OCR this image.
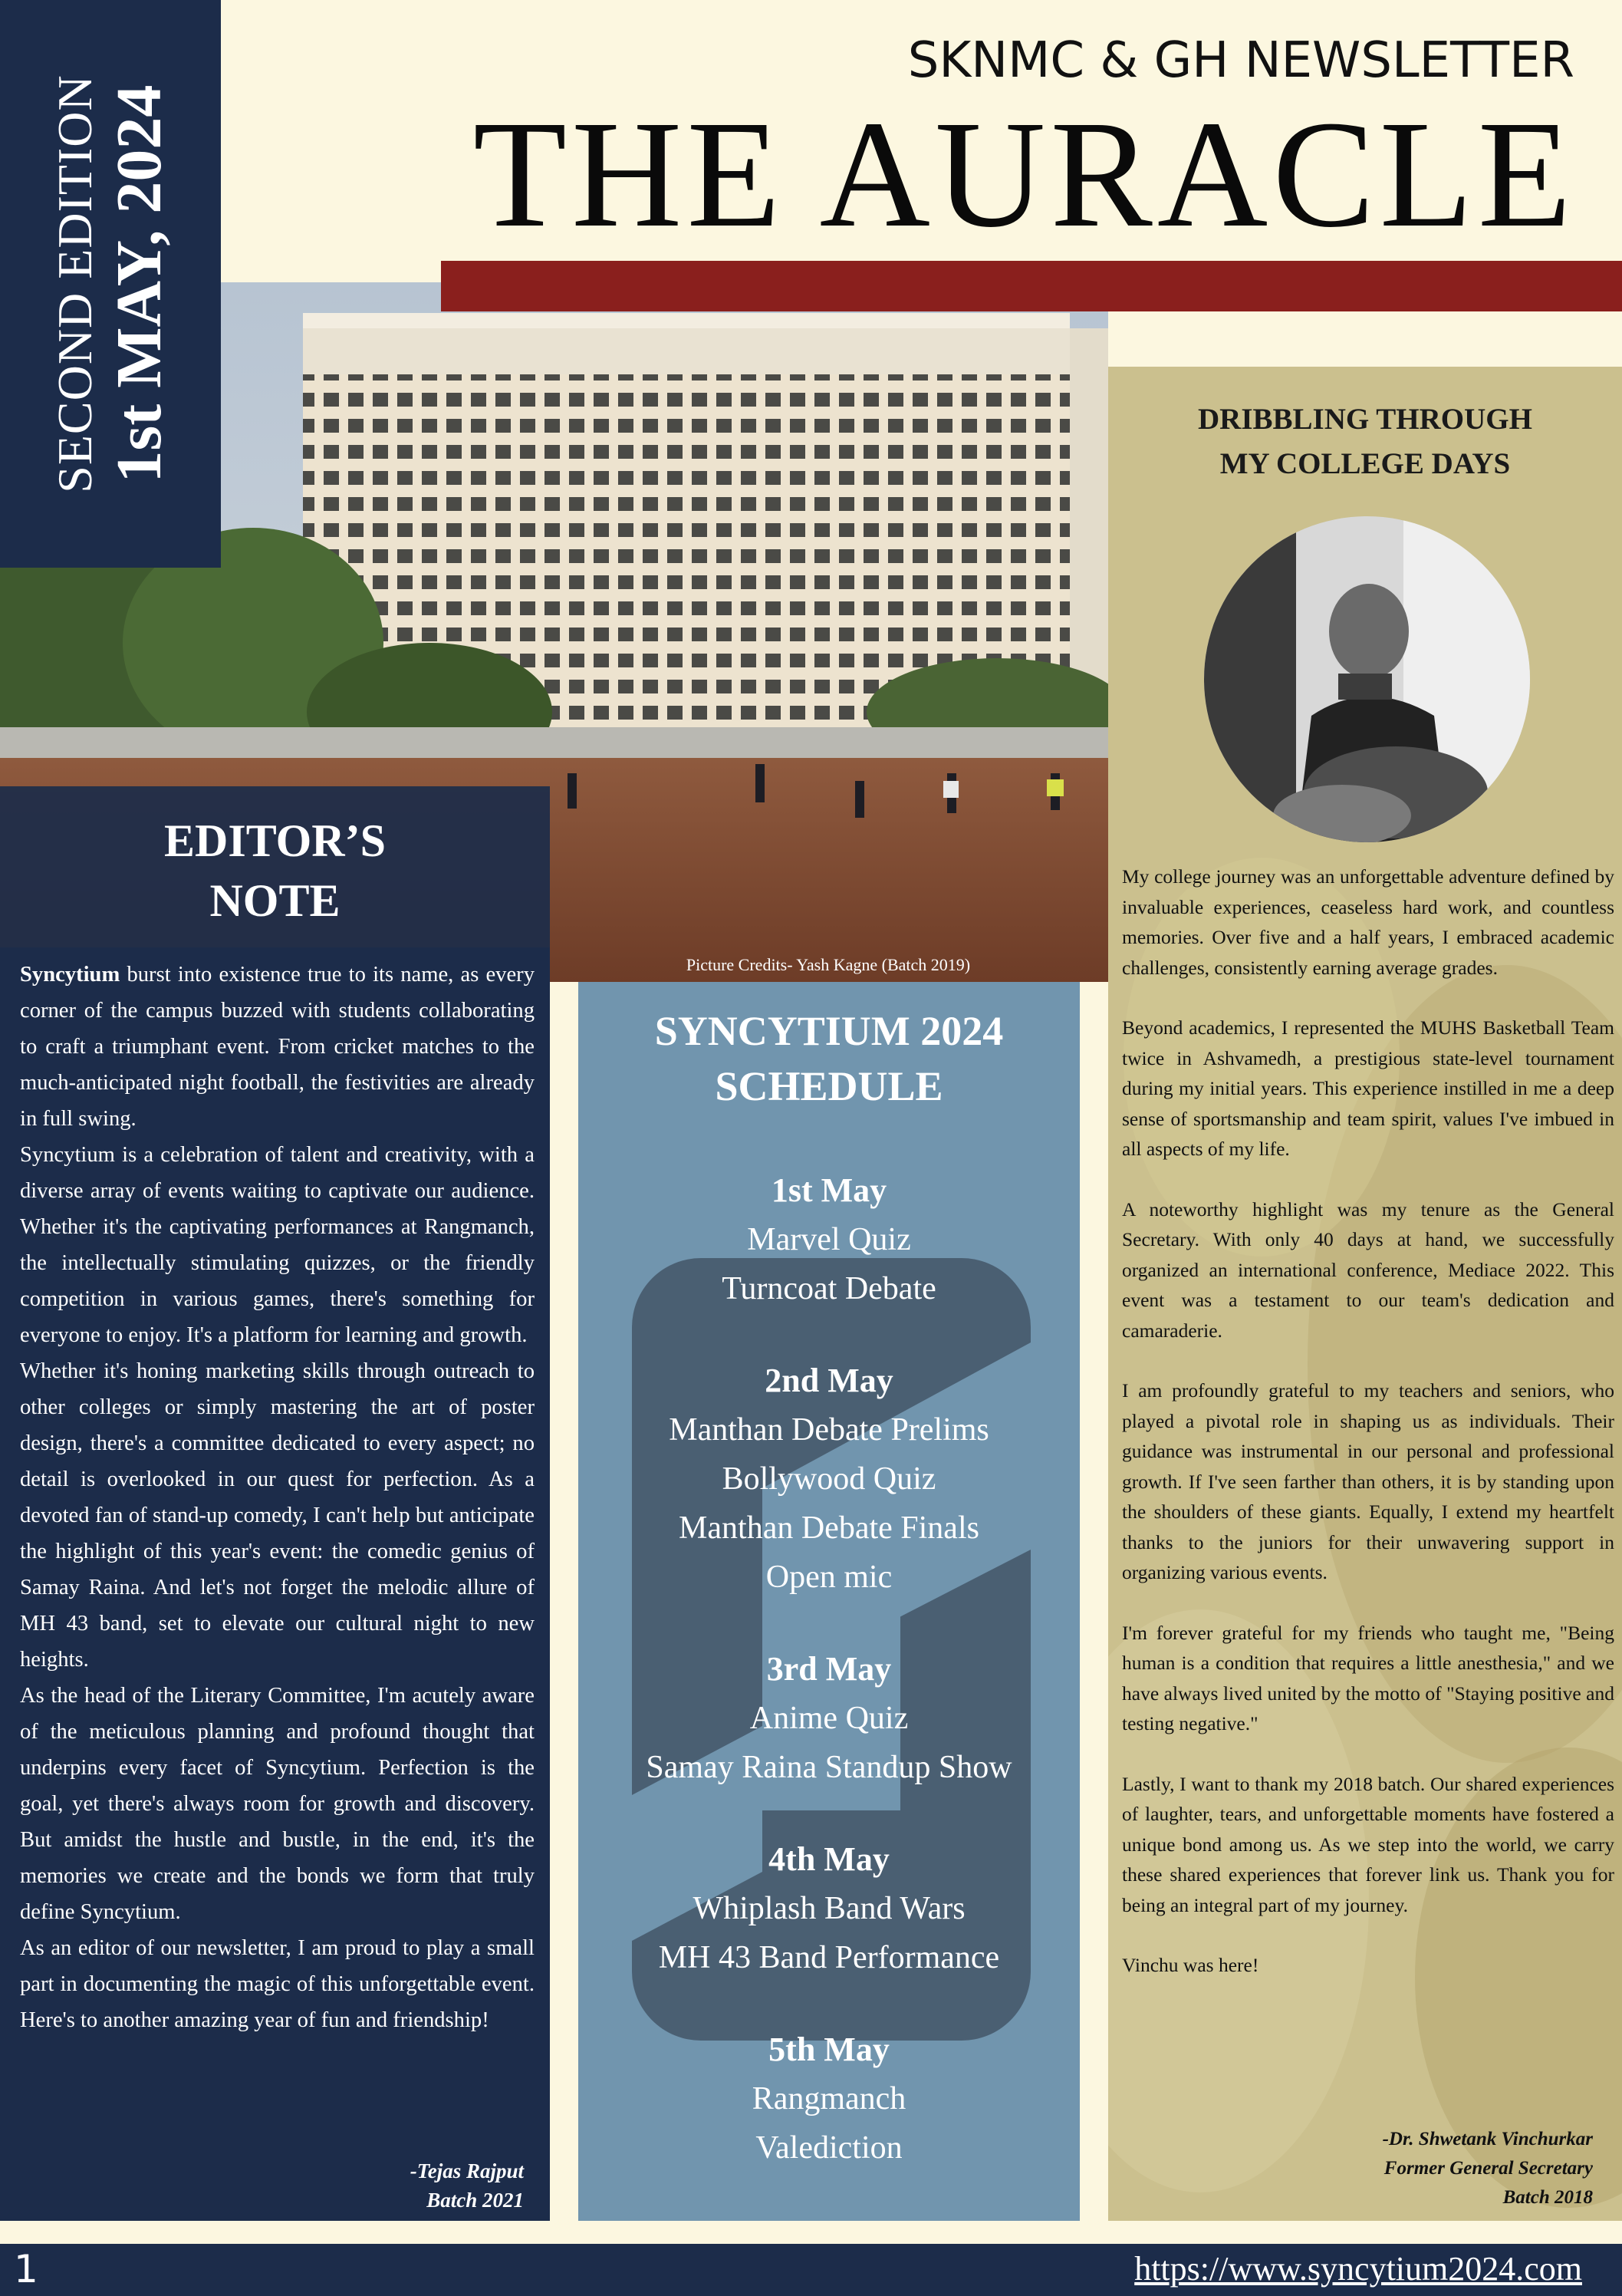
SKNMC & GH NEWSLETTER
THE AURACLE
Picture Credits- Yash Kagne (Batch 2019)
SECOND EDITION 1st MAY, 2024
EDITOR’S
NOTE

Syncytium burst into existence true to its name, as every corner of the campus buzzed with students collaborating to craft a triumphant event. From cricket matches to the much-anticipated night football, the festivities are already in full swing.

Syncytium is a celebration of talent and creativity, with a diverse array of events waiting to captivate our audience. Whether it's the captivating performances at Rangmanch, the intellectually stimulating quizzes, or the friendly competition in various games, there's something for everyone to enjoy. It's a platform for learning and growth.

Whether it's honing marketing skills through outreach to other colleges or simply mastering the art of poster design, there's a committee dedicated to every aspect; no detail is overlooked in our quest for perfection. As a devoted fan of stand-up comedy, I can't help but anticipate the highlight of this year's event: the comedic genius of Samay Raina. And let's not forget the melodic allure of MH 43 band, set to elevate our cultural night to new heights.

As the head of the Literary Committee, I'm acutely aware of the meticulous planning and profound thought that underpins every facet of Syncytium. Perfection is the goal, yet there's always room for growth and discovery. But amidst the hustle and bustle, in the end, it's the memories we create and the bonds we form that truly define Syncytium.

As an editor of our newsletter, I am proud to play a small part in documenting the magic of this unforgettable event. Here's to another amazing year of fun and friendship!

-Tejas Rajput
Batch 2021
SYNCYTIUM 2024
SCHEDULE
1st May
Marvel Quiz
Turncoat Debate
2nd May
Manthan Debate Prelims
Bollywood Quiz
Manthan Debate Finals
Open mic
3rd May
Anime Quiz
Samay Raina Standup Show
4th May
Whiplash Band Wars
MH 43 Band Performance
5th May
Rangmanch
Valediction
DRIBBLING THROUGH
MY COLLEGE DAYS

My college journey was an unforgettable adventure defined by invaluable experiences, ceaseless hard work, and countless memories. Over five and a half years, I embraced academic challenges, consistently earning average grades.

Beyond academics, I represented the MUHS Basketball Team twice in Ashvamedh, a prestigious state-level tournament during my initial years. This experience instilled in me a deep sense of sportsmanship and team spirit, values I've imbued in all aspects of my life.

A noteworthy highlight was my tenure as the General Secretary. With only 40 days at hand, we successfully organized an international conference, Mediace 2022. This event was a testament to our team's dedication and camaraderie.

I am profoundly grateful to my teachers and seniors, who played a pivotal role in shaping us as individuals. Their guidance was instrumental in our personal and professional growth. If I've seen farther than others, it is by standing upon the shoulders of these giants. Equally, I extend my heartfelt thanks to the juniors for their unwavering support in organizing various events.

I'm forever grateful for my friends who taught me, "Being human is a condition that requires a little anesthesia," and we have always lived united by the motto of "Staying positive and testing negative."

Lastly, I want to thank my 2018 batch. Our shared experiences of laughter, tears, and unforgettable moments have fostered a unique bond among us. As we step into the world, we carry these shared experiences that forever link us. Thank you for being an integral part of my journey.

Vinchu was here!

-Dr. Shwetank Vinchurkar
Former General Secretary
Batch 2018
1	https://www.syncytium2024.com
